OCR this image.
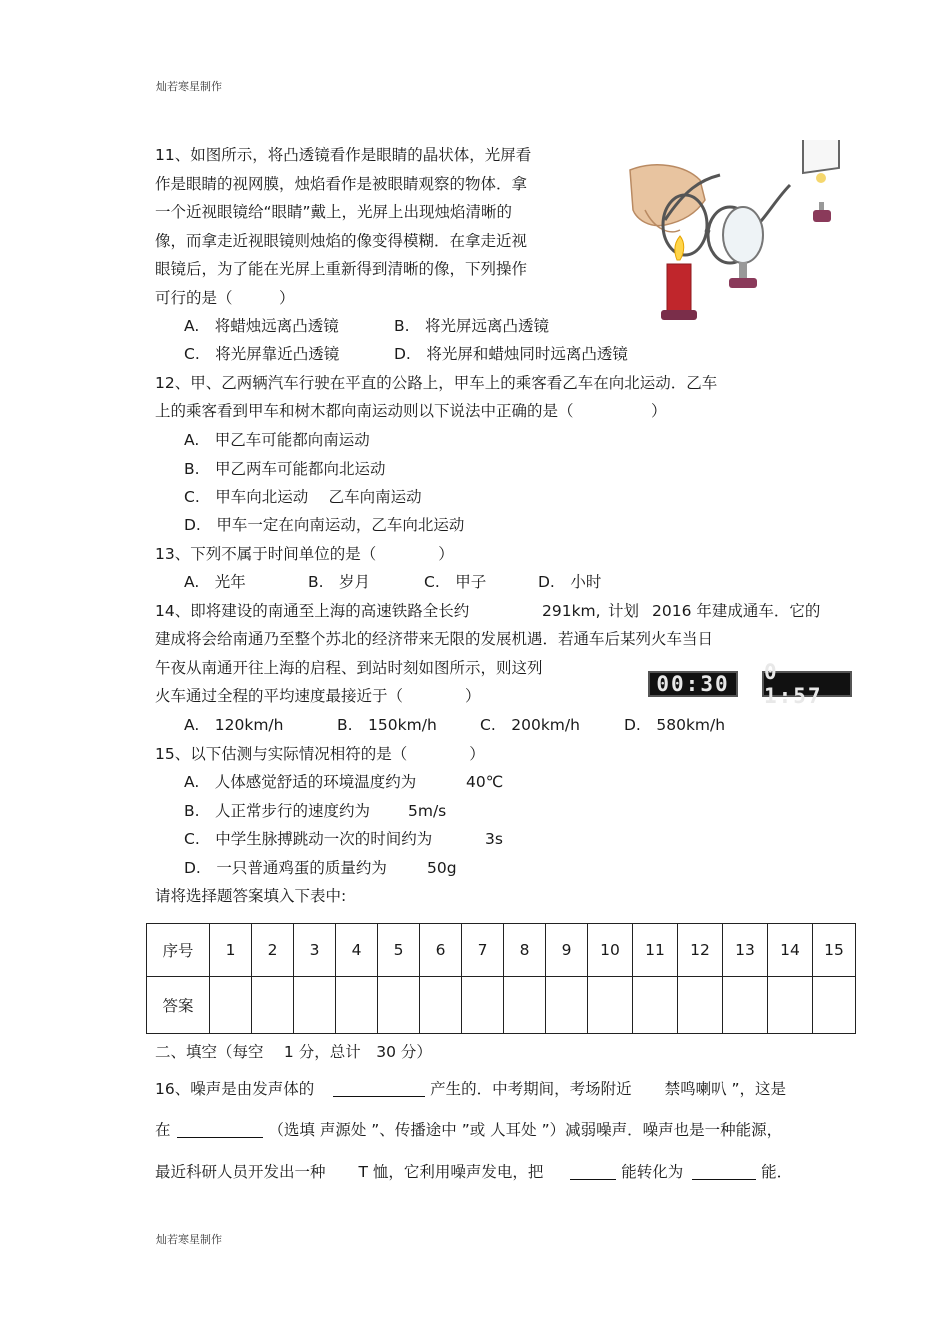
灿若寒星制作
11、如图所示，将凸透镜看作是眼睛的晶状体，光屏看
作是眼睛的视网膜，烛焰看作是被眼睛观察的物体．拿
一个近视眼镜给“眼睛”戴上，光屏上出现烛焰清晰的
像，而拿走近视眼镜则烛焰的像变得模糊．在拿走近视
眼镜后，为了能在光屏上重新得到清晰的像，下列操作
可行的是（　　　）
A.　将蜡烛远离凸透镜	B.　将光屏远离凸透镜
C.　将光屏靠近凸透镜	D.　将光屏和蜡烛同时远离凸透镜
12、甲、乙两辆汽车行驶在平直的公路上，甲车上的乘客看乙车在向北运动．乙车
上的乘客看到甲车和树木都向南运动则以下说法中正确的是（　　　　　）
A.　甲乙车可能都向南运动
B.　甲乙两车可能都向北运动
C.　甲车向北运动　 乙车向南运动
D.　甲车一定在向南运动，乙车向北运动
13、下列不属于时间单位的是（　　　　）
A.　光年	B.　岁月	C.　甲子	D.　小时
14、即将建设的南通至上海的高速铁路全长约	291km, 计划 2016 年建成通车．它的
建成将会给南通乃至整个苏北的经济带来无限的发展机遇．若通车后某列火车当日
午夜从南通开往上海的启程、到站时刻如图所示，则这列
火车通过全程的平均速度最接近于（　　　　）	00:30	0 1:57
A.　120km/h	B.　150km/h	C.　200km/h	D.　580km/h
15、以下估测与实际情况相符的是（　　　　）
A.　人体感觉舒适的环境温度约为	40℃
B.　人正常步行的速度约为 5m/s
C.　中学生脉搏跳动一次的时间约为	3s
D.　一只普通鸡蛋的质量约为	50g
请将选择题答案填入下表中:
序号	1	2	3	4	5	6	7	8	9	10	11	12	13	14	15
答案															
二、填空（每空　 1 分，总计　30 分）
16、噪声是由发声体的	产生的．中考期间，考场附近 禁鸣喇叭 ”，这是
在	（选填 声源处 ”、传播途中 ”或 人耳处 ”）减弱噪声．噪声也是一种能源，
最近科研人员开发出一种 T 恤，它利用噪声发电，把	能转化为	能．
灿若寒星制作
